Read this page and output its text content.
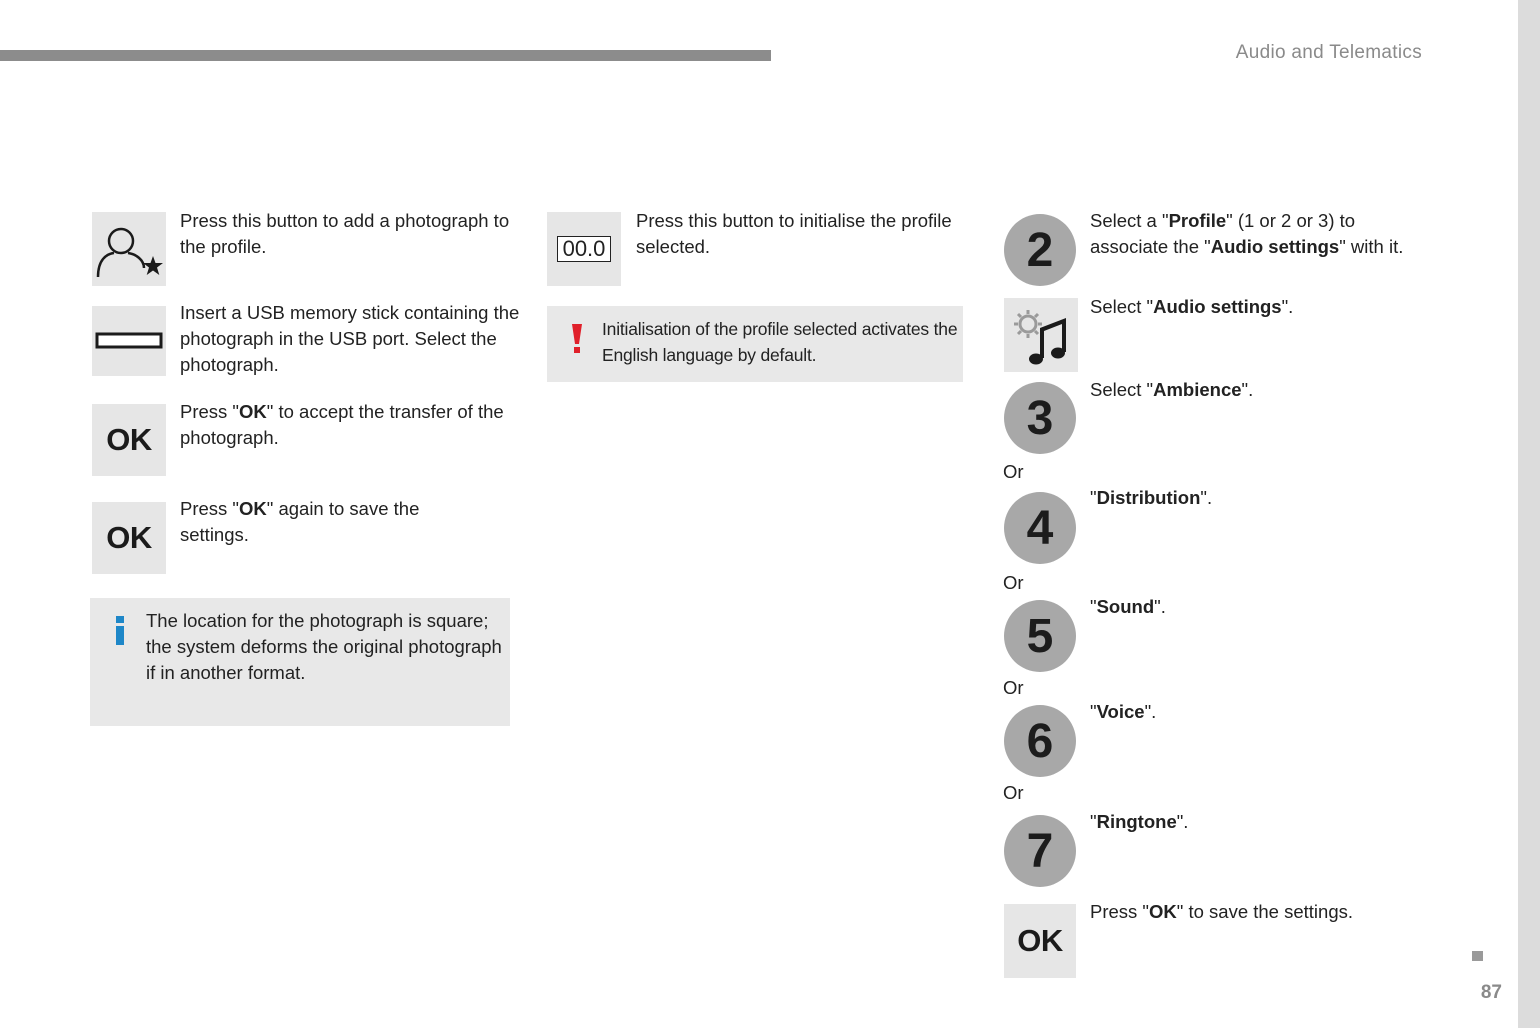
Audio and Telematics
87
Press this button to add a photograph to the profile.
Insert a USB memory stick containing the photograph in the USB port. Select the photograph.
OK
Press "OK" to accept the transfer of the photograph.
OK
Press "OK" again to save the settings.
The location for the photograph is square; the system deforms the original photograph if in another format.
00.0
Press this button to initialise the profile selected.
Initialisation of the profile selected activates the English language by default.
2
Select a "Profile" (1 or 2 or 3) to associate the "Audio settings" with it.
Select "Audio settings".
3
Select "Ambience".
Or
4
"Distribution".
Or
5
"Sound".
Or
6
"Voice".
Or
7
"Ringtone".
OK
Press "OK" to save the settings.
